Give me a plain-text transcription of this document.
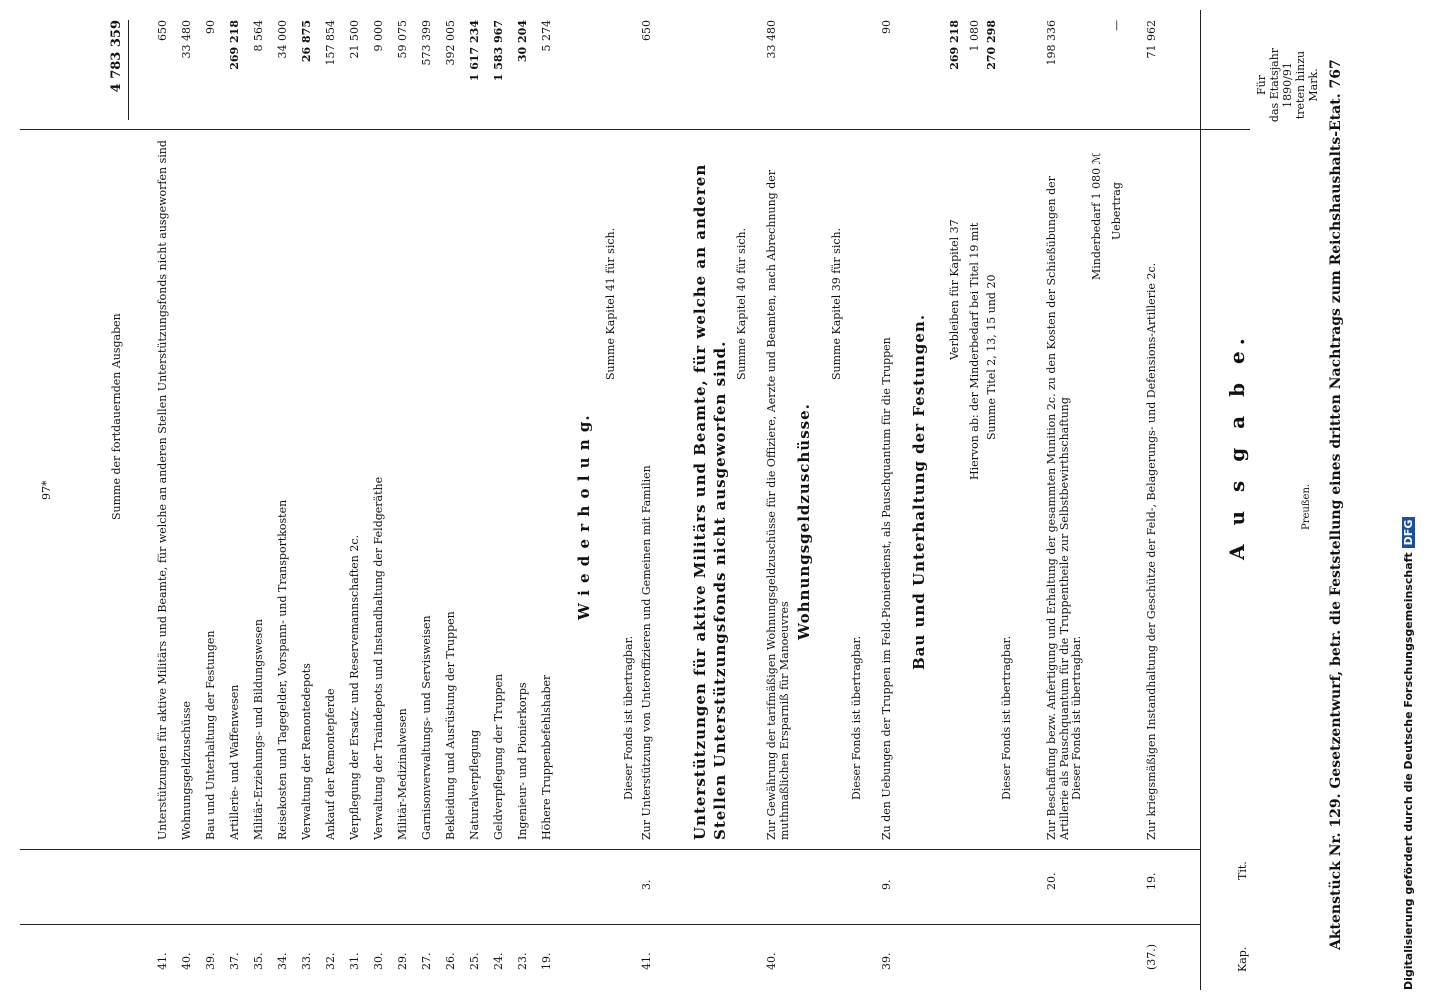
Aktenstück Nr. 129. Gesetzentwurf, betr. die Feststellung eines dritten Nachtrags zum Reichshaushalts-Etat. 767
Preußen.
Kap.
Tit.
A u s g a b e.
Für das Etatsjahr 1890/91 treten hinzu Mark.
(37.)
19.
Zur kriegsmäßigen Instandhaltung der Geschütze der Feld-, Belagerungs- und Defensions-Artillerie 2c.
71 962
Uebertrag
—
Minderbedarf 1 080 ℳ
Dieser Fonds ist übertragbar.
20.
Zur Beschaffung bezw. Anfertigung und Erhaltung der gesammten Munition 2c. zu den Kosten der Schießübungen der Artillerie als Pauschquantum für die Truppentheile zur Selbstbewirthschaftung
198 336
Dieser Fonds ist übertragbar.
Summe Titel 2, 13, 15 und 20
270 298
Hiervon ab: der Minderbedarf bei Titel 19 mit
1 080
Verbleiben für Kapitel 37
269 218
Bau und Unterhaltung der Festungen.
39.
9.
Zu den Uebungen der Truppen im Feld-Pionierdienst, als Pauschquantum für die Truppen
90
Dieser Fonds ist übertragbar.
Summe Kapitel 39 für sich.
Wohnungsgeldzuschüsse.
40.
Zur Gewährung der tarifmäßigen Wohnungsgeldzuschüsse für die Offiziere, Aerzte und Beamten, nach Abrechnung der muthmaßlichen Ersparniß für Manoeuvres
33 480
Summe Kapitel 40 für sich.
Unterstützungen für aktive Militärs und Beamte, für welche an anderen Stellen Unterstützungsfonds nicht ausgeworfen sind.
41.
3.
Zur Unterstützung von Unteroffizieren und Gemeinen mit Familien
650
Dieser Fonds ist übertragbar.
Summe Kapitel 41 für sich.
W i e d e r h o l u n g.
19.
Höhere Truppenbefehlshaber
5 274
23.
Ingenieur- und Pionierkorps
30 204
24.
Geldverpflegung der Truppen
1 583 967
25.
Naturalverpflegung
1 617 234
26.
Bekleidung und Ausrüstung der Truppen
392 005
27.
Garnisonverwaltungs- und Servisweisen
573 399
29.
Militär-Medizinalwesen
59 075
30.
Verwaltung der Traindepots und Instandhaltung der Feldgeräthe
9 000
31.
Verpflegung der Ersatz- und Reservemannschaften 2c.
21 500
32.
Ankauf der Remontepferde
157 854
33.
Verwaltung der Remontedepots
26 875
34.
Reisekosten und Tagegelder, Vorspann- und Transportkosten
34 000
35.
Militär-Erziehungs- und Bildungswesen
8 564
37.
Artillerie- und Waffenwesen
269 218
39.
Bau und Unterhaltung der Festungen
90
40.
Wohnungsgeldzuschüsse
33 480
41.
Unterstützungen für aktive Militärs und Beamte, für welche an anderen Stellen Unterstützungsfonds nicht ausgeworfen sind
650
Summe der fortdauernden Ausgaben
4 783 359
97*
Digitalisierung gefördert durch die Deutsche ForschungsgemeinschaftDFG
